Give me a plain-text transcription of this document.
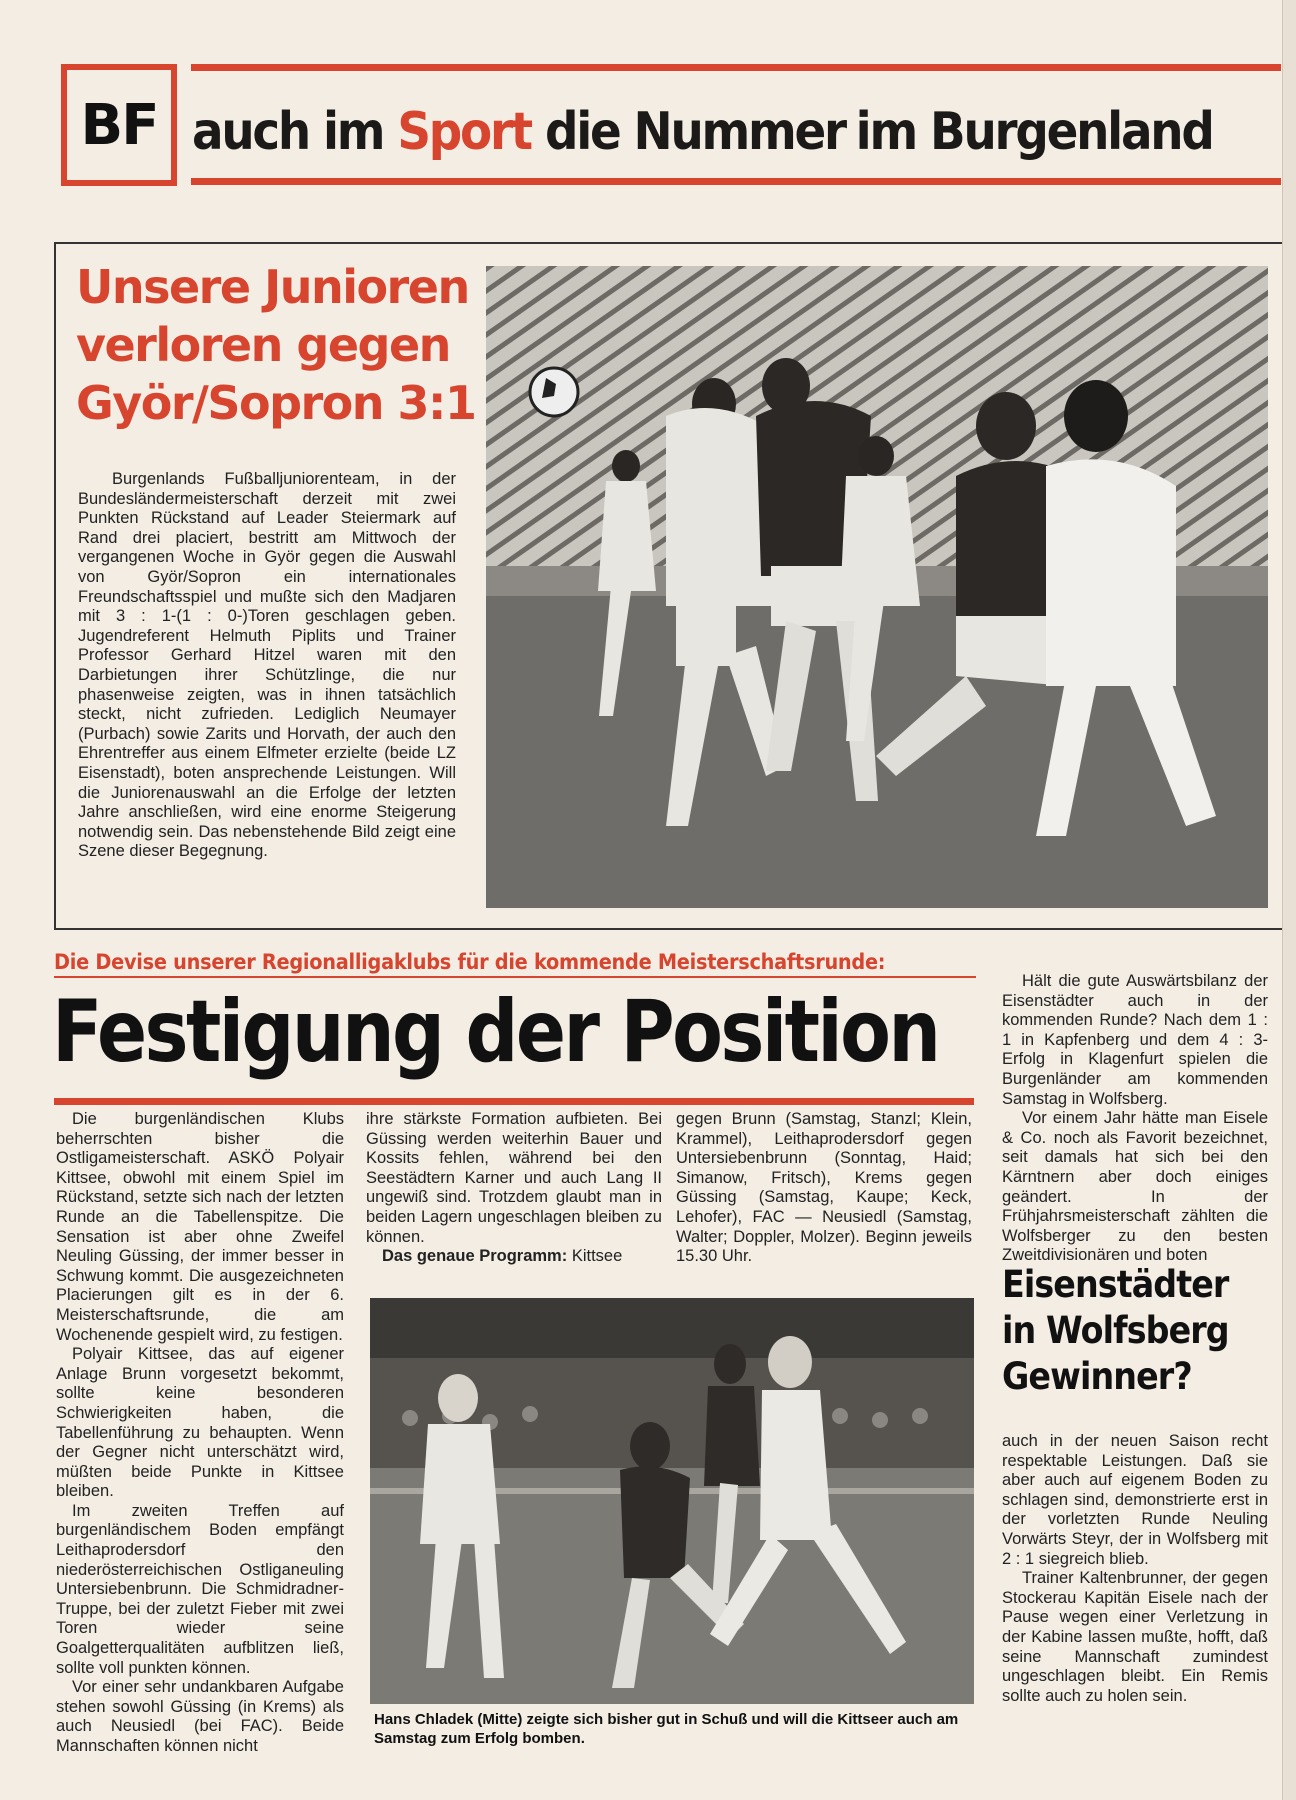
BF auch im Sport die Nummer im Burgenland
Unsere Junioren
verloren gegen
Györ/Sopron 3:1

Burgenlands Fußballjuniorenteam, in der Bundesländermeisterschaft derzeit mit zwei Punkten Rückstand auf Leader Steiermark auf Rand drei placiert, bestritt am Mittwoch der vergangenen Woche in Györ gegen die Auswahl von Györ/Sopron ein internationales Freundschaftsspiel und mußte sich den Madjaren mit 3 : 1-(1 : 0-)Toren geschlagen geben. Jugendreferent Helmuth Piplits und Trainer Professor Gerhard Hitzel waren mit den Darbietungen ihrer Schützlinge, die nur phasenweise zeigten, was in ihnen tatsächlich steckt, nicht zufrieden. Lediglich Neumayer (Purbach) sowie Zarits und Horvath, der auch den Ehrentreffer aus einem Elfmeter erzielte (beide LZ Eisenstadt), boten ansprechende Leistungen. Will die Juniorenauswahl an die Erfolge der letzten Jahre anschließen, wird eine enorme Steigerung notwendig sein. Das nebenstehende Bild zeigt eine Szene dieser Begegnung.

Die Devise unserer Regionalligaklubs für die kommende Meisterschaftsrunde:
Festigung der Position

Die burgenländischen Klubs beherrschten bisher die Ostligameisterschaft. ASKÖ Polyair Kittsee, obwohl mit einem Spiel im Rückstand, setzte sich nach der letzten Runde an die Tabellenspitze. Die Sensation ist aber ohne Zweifel Neuling Güssing, der immer besser in Schwung kommt. Die ausgezeichneten Placierungen gilt es in der 6. Meisterschaftsrunde, die am Wochenende gespielt wird, zu festigen.

Polyair Kittsee, das auf eigener Anlage Brunn vorgesetzt bekommt, sollte keine besonderen Schwierigkeiten haben, die Tabellenführung zu behaupten. Wenn der Gegner nicht unterschätzt wird, müßten beide Punkte in Kittsee bleiben.

Im zweiten Treffen auf burgenländischem Boden empfängt Leithaprodersdorf den niederösterreichischen Ostliganeuling Untersiebenbrunn. Die Schmidradner-Truppe, bei der zuletzt Fieber mit zwei Toren wieder seine Goalgetterqualitäten aufblitzen ließ, sollte voll punkten können.

Vor einer sehr undankbaren Aufgabe stehen sowohl Güssing (in Krems) als auch Neusiedl (bei FAC). Beide Mannschaften können nicht

ihre stärkste Formation aufbieten. Bei Güssing werden weiterhin Bauer und Kossits fehlen, während bei den Seestädtern Karner und auch Lang II ungewiß sind. Trotzdem glaubt man in beiden Lagern ungeschlagen bleiben zu können.

Das genaue Programm: Kittsee

gegen Brunn (Samstag, Stanzl; Klein, Krammel), Leithaprodersdorf gegen Untersiebenbrunn (Sonntag, Haid; Simanow, Fritsch), Krems gegen Güssing (Samstag, Kaupe; Keck, Lehofer), FAC — Neusiedl (Samstag, Walter; Doppler, Molzer). Beginn jeweils 15.30 Uhr.

Hans Chladek (Mitte) zeigte sich bisher gut in Schuß und will die Kittseer auch am Samstag zum Erfolg bomben.

Hält die gute Auswärtsbilanz der Eisenstädter auch in der kommenden Runde? Nach dem 1 : 1 in Kapfenberg und dem 4 : 3-Erfolg in Klagenfurt spielen die Burgenländer am kommenden Samstag in Wolfsberg.

Vor einem Jahr hätte man Eisele & Co. noch als Favorit bezeichnet, seit damals hat sich bei den Kärntnern aber doch einiges geändert. In der Frühjahrsmeisterschaft zählten die Wolfsberger zu den besten Zweitdivisionären und boten

Eisenstädter in Wolfsberg Gewinner?

auch in der neuen Saison recht respektable Leistungen. Daß sie aber auch auf eigenem Boden zu schlagen sind, demonstrierte erst in der vorletzten Runde Neuling Vorwärts Steyr, der in Wolfsberg mit 2 : 1 siegreich blieb.

Trainer Kaltenbrunner, der gegen Stockerau Kapitän Eisele nach der Pause wegen einer Verletzung in der Kabine lassen mußte, hofft, daß seine Mannschaft zumindest ungeschlagen bleibt. Ein Remis sollte auch zu holen sein.
